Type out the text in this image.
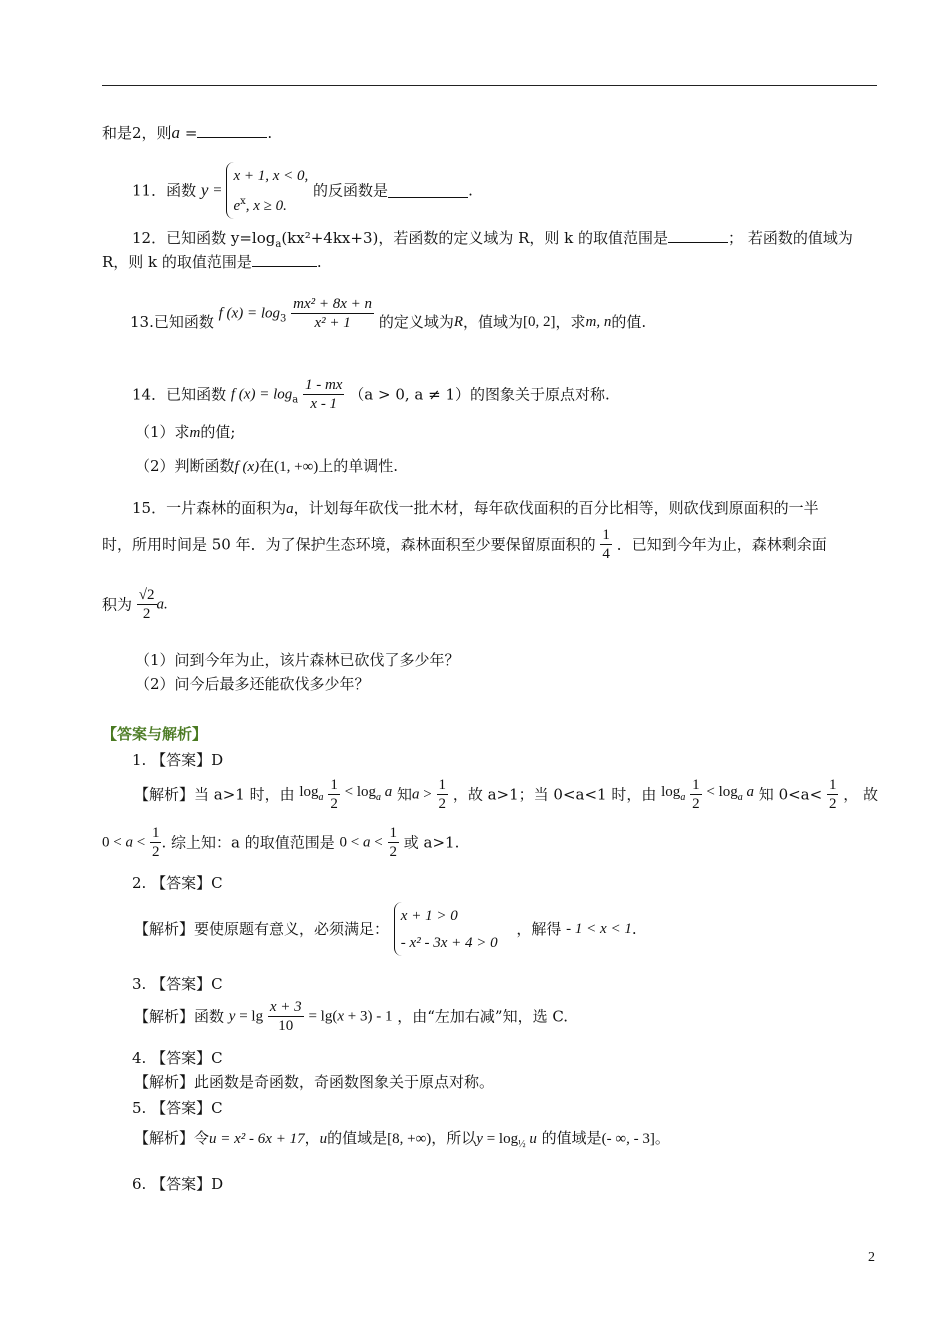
和是2，则a =	.
11．函数 y = x + 1, x < 0,
$e^x$, x ≥ 0. 的反函数是	.
12．已知函数 $y=\log_a(kx^2+4kx+3)$，若函数的定义域为 R，则 k 的取值范围是	； 若函数的值域为
R，则 k 的取值范围是	.
13.已知函数 f $(x) = \log_3 \frac{\text{mx² + 8x + n}}{\text{x² + 1}}$ 的定义域为R，值域为[0, 2]，求m, n的值.
14．已知函数 f $(x) = \log_a \frac{1 - mx}{x - 1} (a > 0$, a ≠ 1）的图象关于原点对称.
（1）求m的值;
（2）判断函数f (x)在(1, +∞)上的单调性.
15．一片森林的面积为a，计划每年砍伐一批木材，每年砍伐面积的百分比相等，则砍伐到原面积的一半
时，所用时间是 50 年．为了保护生态环境，森林面积至少要保留原面积的 $\frac{1}{4}$ ．已知到今年为止，森林剩余面
积为 $\frac{√2}{2} a$.
（1）问到今年为止，该片森林已砍伐了多少年？
（2）问今后最多还能砍伐多少年？
【答案与解析】
1. 【答案】D
【解析】当 a>1 时，由 $\log_a \frac{1}{2} < \log_a a$ 知$a > \frac{1}{2}$ ，故 a>1；当 0<a<1 时，由 $\log_a \frac{1}{2} < \log_a a$ 知 $0<a< \frac{1}{2}$ ， 故
$0 < a < \frac{1}{2}$ . 综上知：a 的取值范围是 $0 < a < \frac{1}{2}$ 或 a>1.
2. 【答案】C
【解析】要使原题有意义，必须满足： x + 1 > 0
- x² - 3x + 4 > 0 ，解得 - 1 < x < 1.
3. 【答案】C
【解析】函数 $y = \lg \frac{x + 3}{10} = \lg(x + 3) - 1$ ，由“左加右减”知，选 C.
4. 【答案】C
【解析】此函数是奇函数，奇函数图象关于原点对称。
5. 【答案】C
【解析】令u = x² - 6x + 17，u的值域是[8, +∞)，所以$y = \log_{\frac{1}{2}} u$ 的值域是(- ∞, - 3]。
6. 【答案】D
2
